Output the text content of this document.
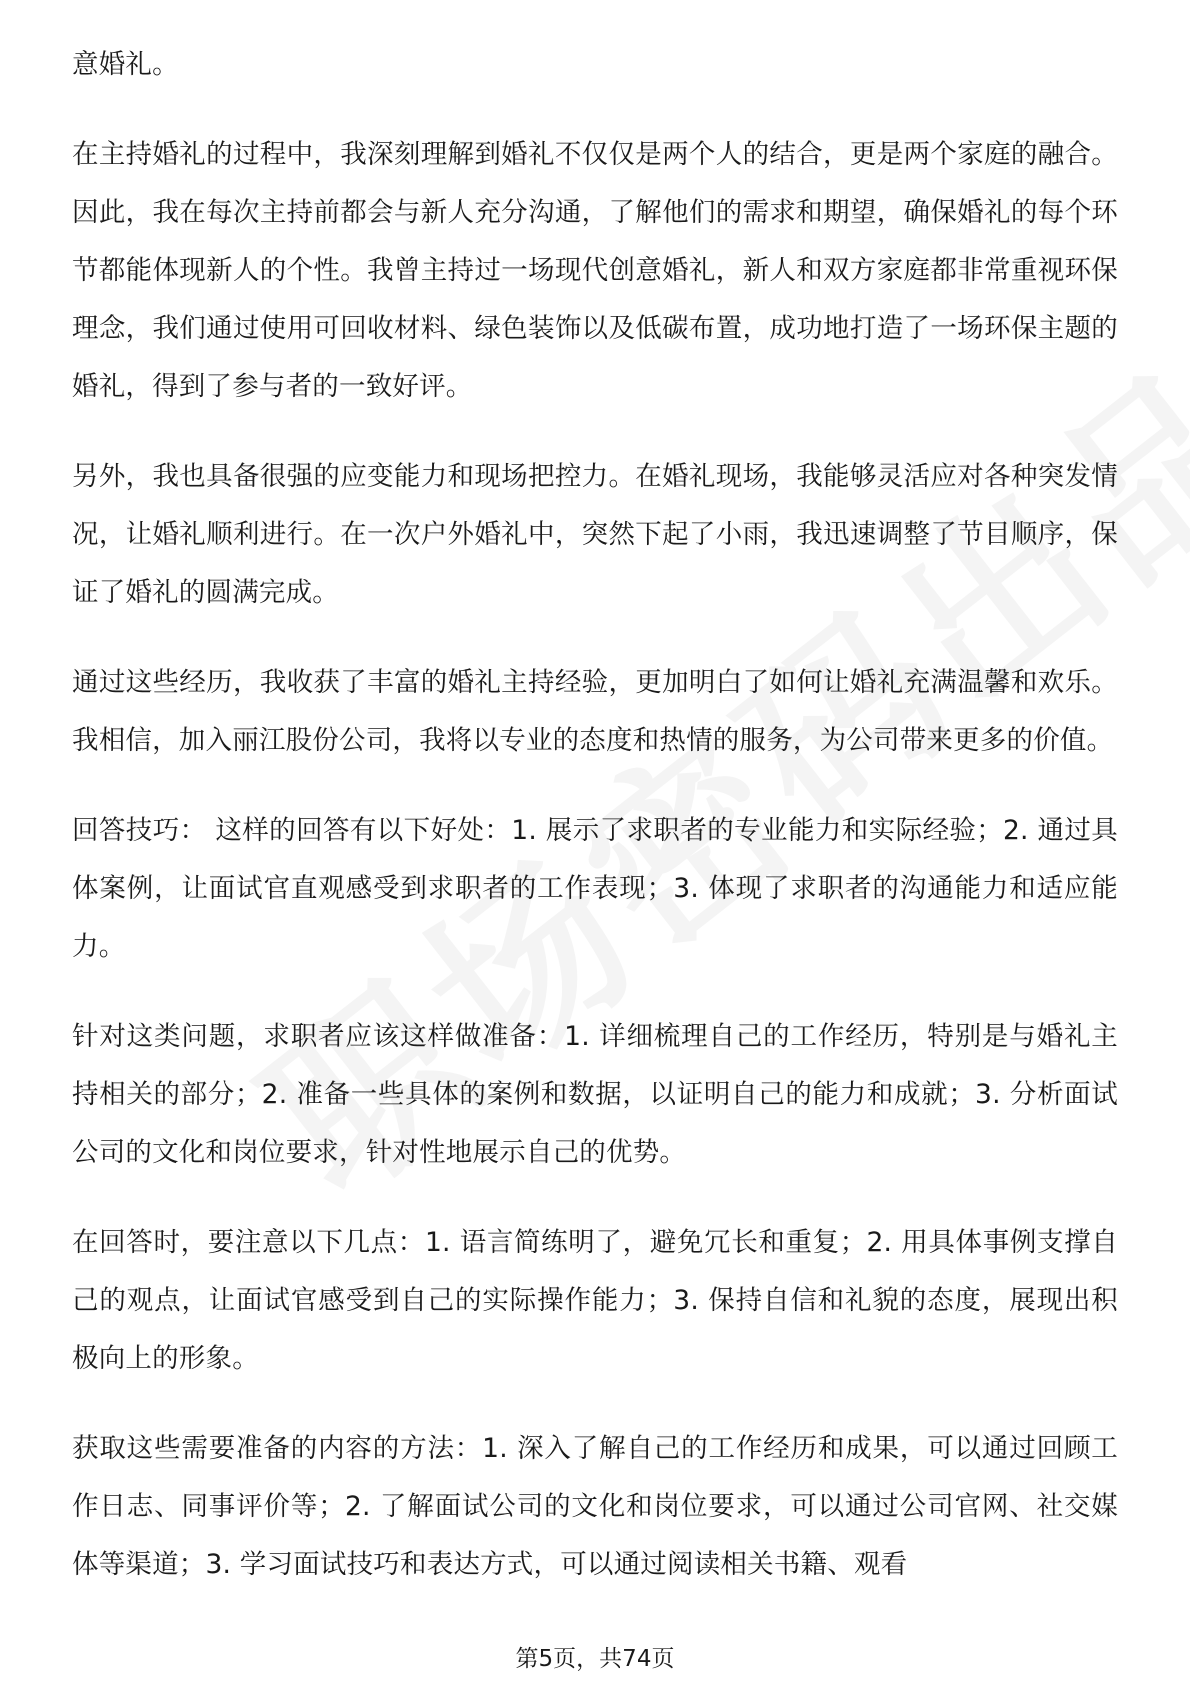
意婚礼。

在主持婚礼的过程中，我深刻理解到婚礼不仅仅是两个人的结合，更是两个家庭的融合。因此，我在每次主持前都会与新人充分沟通，了解他们的需求和期望，确保婚礼的每个环节都能体现新人的个性。我曾主持过一场现代创意婚礼，新人和双方家庭都非常重视环保理念，我们通过使用可回收材料、绿色装饰以及低碳布置，成功地打造了一场环保主题的婚礼，得到了参与者的一致好评。

另外，我也具备很强的应变能力和现场把控力。在婚礼现场，我能够灵活应对各种突发情况，让婚礼顺利进行。在一次户外婚礼中，突然下起了小雨，我迅速调整了节目顺序，保证了婚礼的圆满完成。

通过这些经历，我收获了丰富的婚礼主持经验，更加明白了如何让婚礼充满温馨和欢乐。我相信，加入丽江股份公司，我将以专业的态度和热情的服务，为公司带来更多的价值。

回答技巧： 这样的回答有以下好处：1. 展示了求职者的专业能力和实际经验；2. 通过具体案例，让面试官直观感受到求职者的工作表现；3. 体现了求职者的沟通能力和适应能力。

针对这类问题，求职者应该这样做准备：1. 详细梳理自己的工作经历，特别是与婚礼主持相关的部分；2. 准备一些具体的案例和数据，以证明自己的能力和成就；3. 分析面试公司的文化和岗位要求，针对性地展示自己的优势。

在回答时，要注意以下几点：1. 语言简练明了，避免冗长和重复；2. 用具体事例支撑自己的观点，让面试官感受到自己的实际操作能力；3. 保持自信和礼貌的态度，展现出积极向上的形象。

获取这些需要准备的内容的方法：1. 深入了解自己的工作经历和成果，可以通过回顾工作日志、同事评价等；2. 了解面试公司的文化和岗位要求，可以通过公司官网、社交媒体等渠道；3. 学习面试技巧和表达方式，可以通过阅读相关书籍、观看

第5页，共74页
